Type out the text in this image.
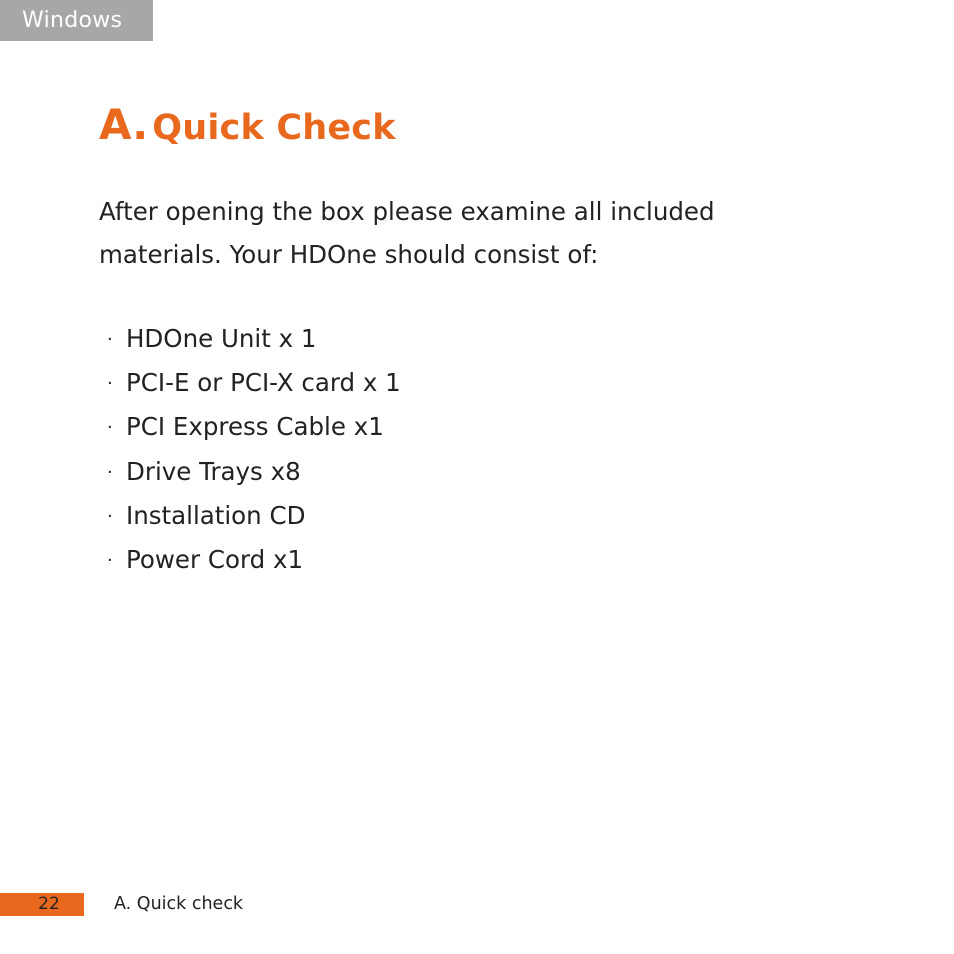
Windows
A. Quick Check

After opening the box please examine all included
materials. Your HDOne should consist of:

· HDOne Unit x 1
· PCI-E or PCI-X card x 1
· PCI Express Cable x1
· Drive Trays x8
· Installation CD
· Power Cord x1
22	A. Quick check
